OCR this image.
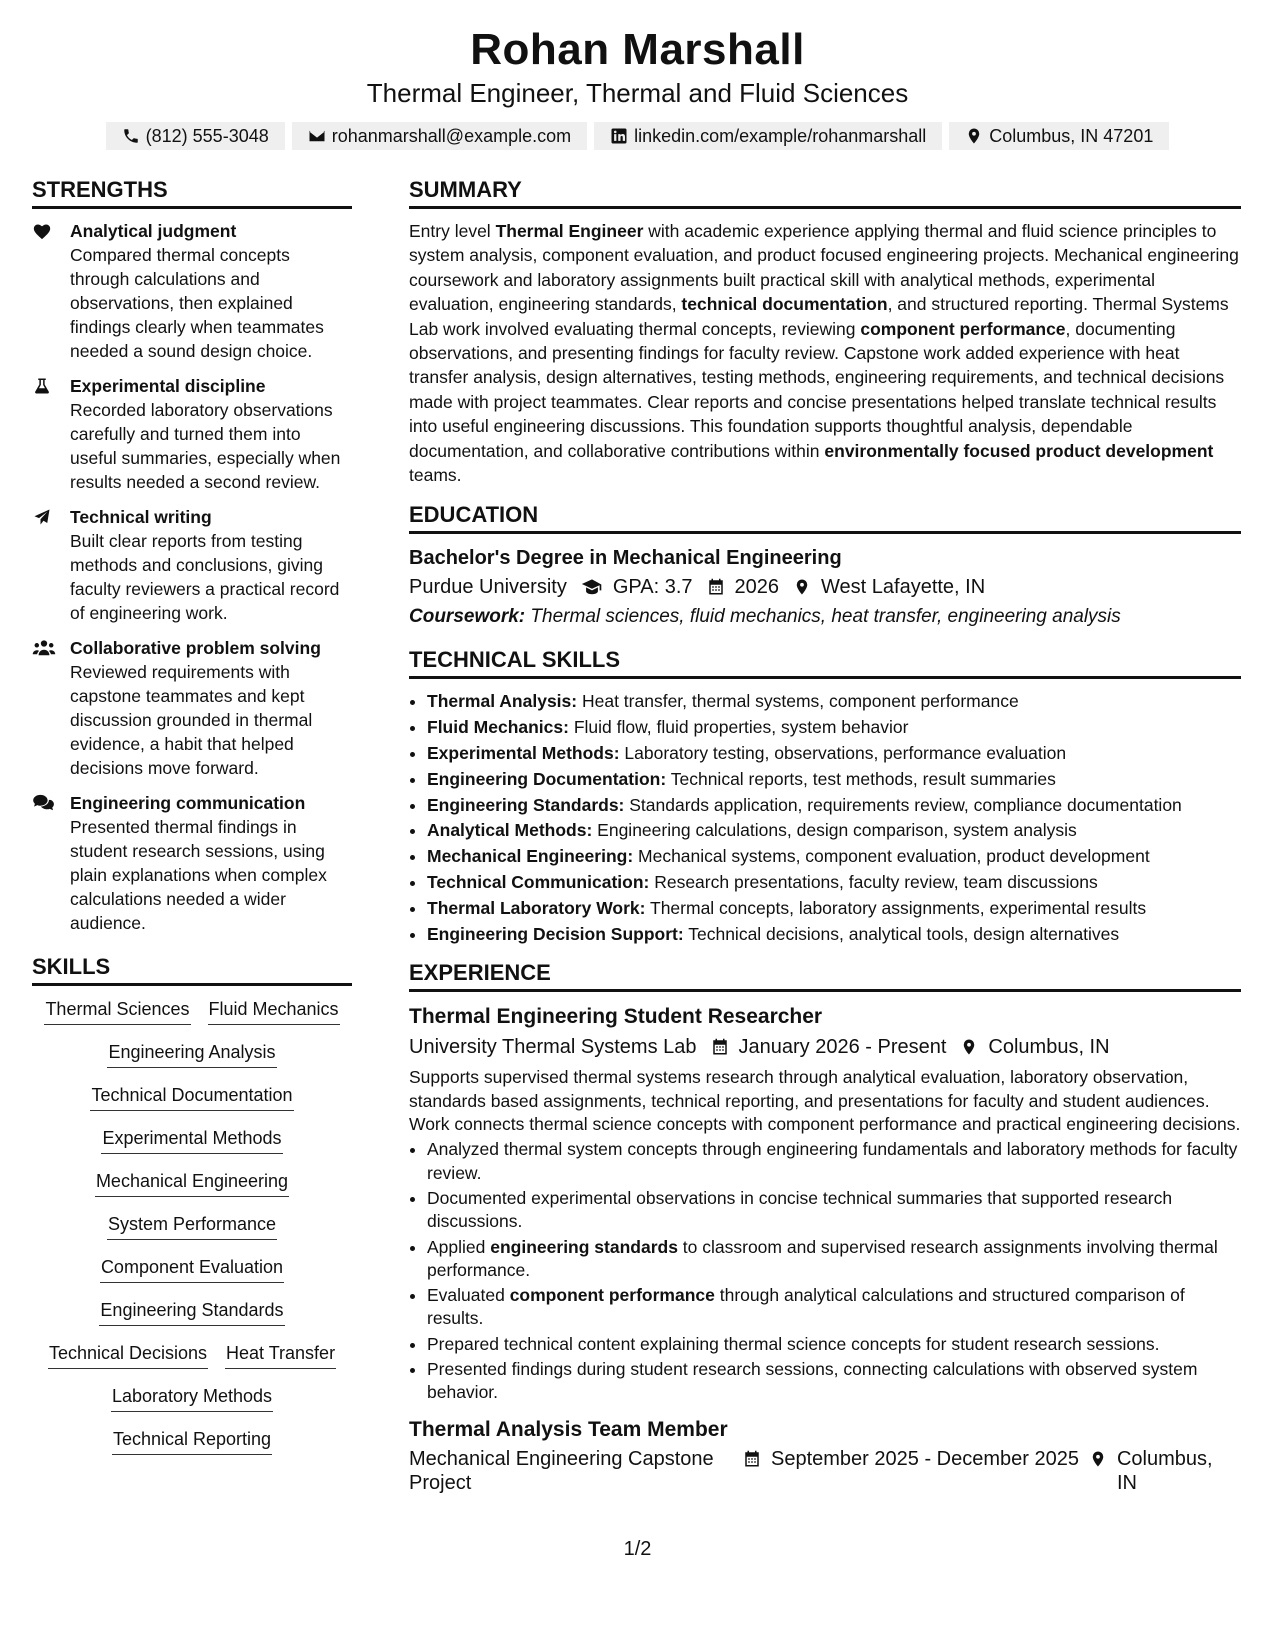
Rohan Marshall
Thermal Engineer, Thermal and Fluid Sciences
(812) 555-3048	rohanmarshall@example.com	linkedin.com/example/rohanmarshall	Columbus, IN 47201
STRENGTHS
Analytical judgment
Compared thermal concepts through calculations and observations, then explained findings clearly when teammates needed a sound design choice.
Experimental discipline
Recorded laboratory observations carefully and turned them into useful summaries, especially when results needed a second review.
Technical writing
Built clear reports from testing methods and conclusions, giving faculty reviewers a practical record of engineering work.
Collaborative problem solving
Reviewed requirements with capstone teammates and kept discussion grounded in thermal evidence, a habit that helped decisions move forward.
Engineering communication
Presented thermal findings in student research sessions, using plain explanations when complex calculations needed a wider audience.
SKILLS
Thermal Sciences Fluid Mechanics
Engineering Analysis
Technical Documentation
Experimental Methods
Mechanical Engineering
System Performance
Component Evaluation
Engineering Standards
Technical Decisions Heat Transfer
Laboratory Methods
Technical Reporting
SUMMARY

Entry level Thermal Engineer with academic experience applying thermal and fluid science principles to system analysis, component evaluation, and product focused engineering projects. Mechanical engineering coursework and laboratory assignments built practical skill with analytical methods, experimental evaluation, engineering standards, technical documentation, and structured reporting. Thermal Systems Lab work involved evaluating thermal concepts, reviewing component performance, documenting observations, and presenting findings for faculty review. Capstone work added experience with heat transfer analysis, design alternatives, testing methods, engineering requirements, and technical decisions made with project teammates. Clear reports and concise presentations helped translate technical results into useful engineering discussions. This foundation supports thoughtful analysis, dependable documentation, and collaborative contributions within environmentally focused product development teams.

EDUCATION
Bachelor's Degree in Mechanical Engineering
Purdue University GPA: 3.7 2026 West Lafayette, IN
Coursework: Thermal sciences, fluid mechanics, heat transfer, engineering analysis
TECHNICAL SKILLS
• Thermal Analysis: Heat transfer, thermal systems, component performance
• Fluid Mechanics: Fluid flow, fluid properties, system behavior
• Experimental Methods: Laboratory testing, observations, performance evaluation
• Engineering Documentation: Technical reports, test methods, result summaries
• Engineering Standards: Standards application, requirements review, compliance documentation
• Analytical Methods: Engineering calculations, design comparison, system analysis
• Mechanical Engineering: Mechanical systems, component evaluation, product development
• Technical Communication: Research presentations, faculty review, team discussions
• Thermal Laboratory Work: Thermal concepts, laboratory assignments, experimental results
• Engineering Decision Support: Technical decisions, analytical tools, design alternatives
EXPERIENCE
Thermal Engineering Student Researcher
University Thermal Systems Lab January 2026 - Present Columbus, IN
Supports supervised thermal systems research through analytical evaluation, laboratory observation, standards based assignments, technical reporting, and presentations for faculty and student audiences. Work connects thermal science concepts with component performance and practical engineering decisions.
• Analyzed thermal system concepts through engineering fundamentals and laboratory methods for faculty review.
• Documented experimental observations in concise technical summaries that supported research discussions.
• Applied engineering standards to classroom and supervised research assignments involving thermal performance.
• Evaluated component performance through analytical calculations and structured comparison of results.
• Prepared technical content explaining thermal science concepts for student research sessions.
• Presented findings during student research sessions, connecting calculations with observed system behavior.
Thermal Analysis Team Member
Mechanical Engineering Capstone Project
September 2025 - December 2025 Columbus, IN
1/2
